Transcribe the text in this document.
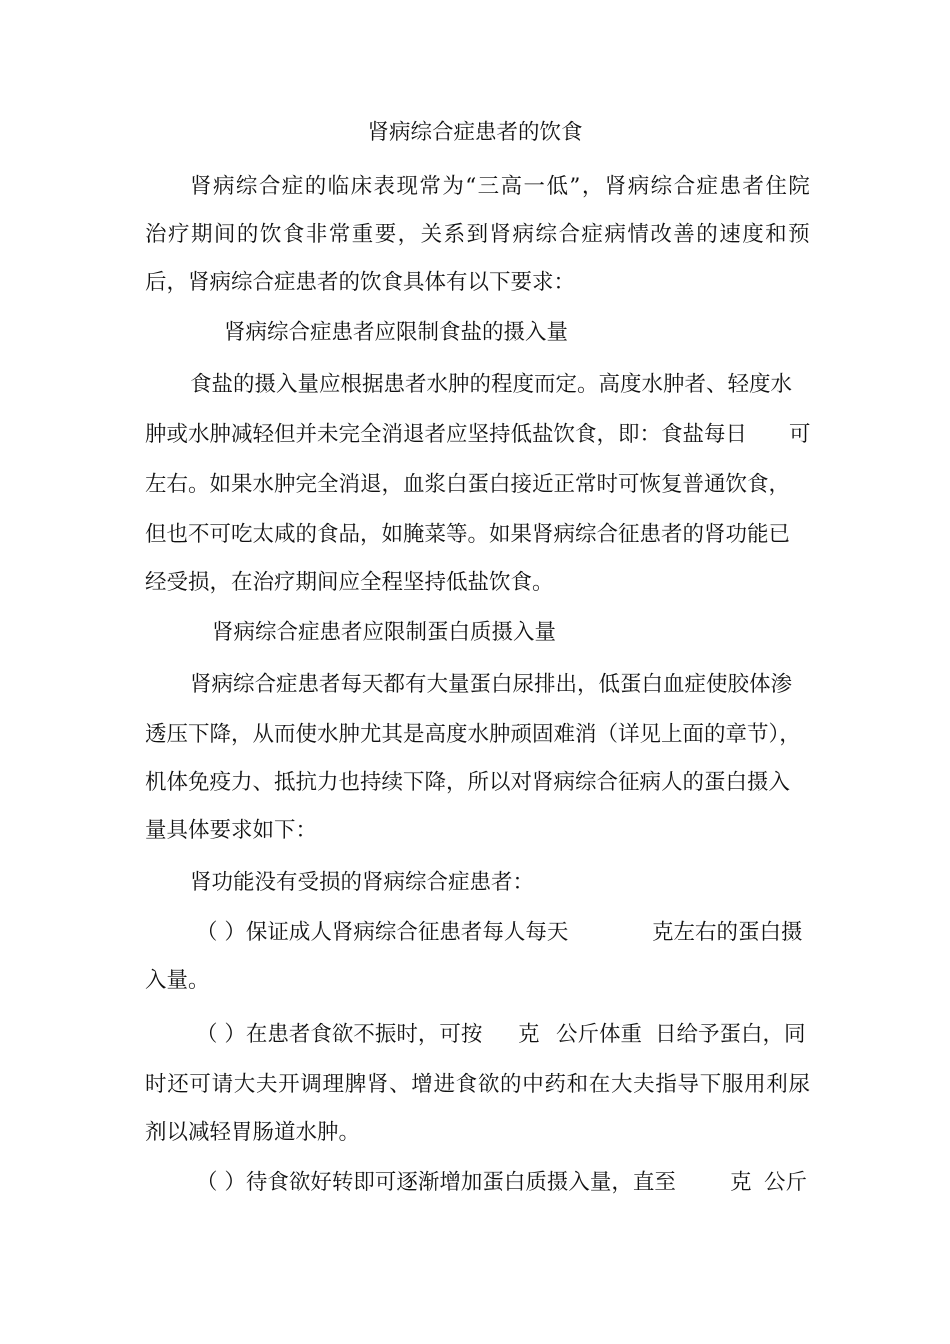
肾病综合症患者的饮食
肾 病 综 合 症 的 临 床 表 现 常 为 “ 三 高 一 低 ” ， 肾 病 综 合 症 患 者 住 院
治 疗 期 间 的 饮 食 非 常 重 要 ， 关 系 到 肾 病 综 合 症 病 情 改 善 的 速 度 和 预
后，肾病综合症患者的饮食具体有以下要求：
肾病综合症患者应限制食盐的摄入量
食盐的摄入量应根据患者水肿的程度而定。高度水肿者、轻度水
肿或水肿减轻但并未完全消退者应坚持低盐饮食，即：食盐每日 可
左右。如果水肿完全消退，血浆白蛋白接近正常时可恢复普通饮食，
但也不可吃太咸的食品，如腌菜等。如果肾病综合征患者的肾功能已
经受损，在治疗期间应全程坚持低盐饮食。
肾病综合症患者应限制蛋白质摄入量
肾病综合症患者每天都有大量蛋白尿排出，低蛋白血症使胶体渗
透压下降，从而使水肿尤其是高度水肿顽固难消（详见上面的章节），
机体免疫力、抵抗力也持续下降，所以对肾病综合征病人的蛋白摄入
量具体要求如下：
肾功能没有受损的肾病综合症患者：
（ ）保证成人肾病综合征患者每人每天	克左右的蛋白摄
入量。
（ ）在患者食欲不振时，可按 克 公斤体重 日给予蛋白，同
时 还 可 请 大 夫 开 调 理 脾 肾 、 增 进 食 欲 的 中 药 和 在 大 夫 指 导 下 服 用 利 尿
剂以减轻胃肠道水肿。
（ ）待食欲好转即可逐渐增加蛋白质摄入量，直至	克 公斤
